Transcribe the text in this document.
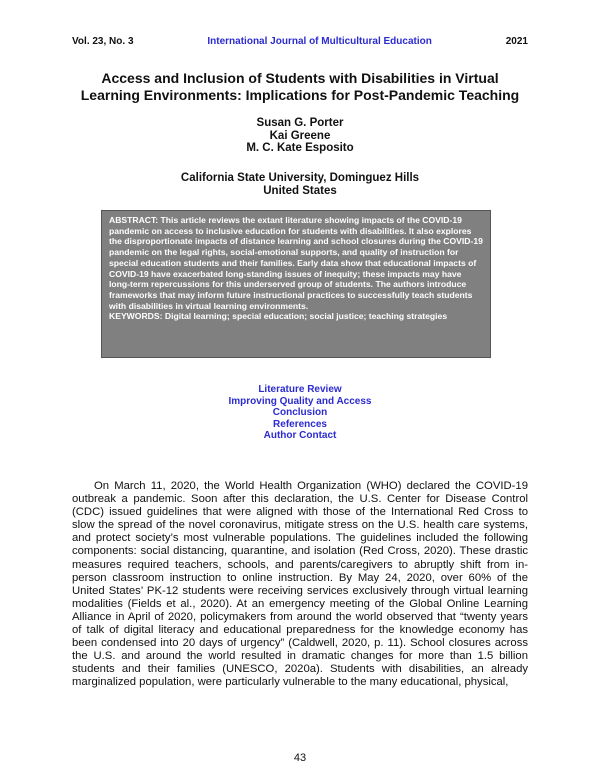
Vol. 23, No. 3	International Journal of Multicultural Education	2021
Access and Inclusion of Students with Disabilities in Virtual
Learning Environments: Implications for Post-Pandemic Teaching
Susan G. Porter
Kai Greene
M. C. Kate Esposito
California State University, Dominguez Hills
United States

ABSTRACT: This article reviews the extant literature showing impacts of the COVID-19 pandemic on access to inclusive education for students with disabilities. It also explores the disproportionate impacts of distance learning and school closures during the COVID-19 pandemic on the legal rights, social-emotional supports, and quality of instruction for special education students and their families. Early data show that educational impacts of COVID-19 have exacerbated long-standing issues of inequity; these impacts may have long-term repercussions for this underserved group of students. The authors introduce frameworks that may inform future instructional practices to successfully teach students with disabilities in virtual learning environments.

KEYWORDS: Digital learning; special education; social justice; teaching strategies

Literature Review
Improving Quality and Access
Conclusion
References
Author Contact

On March 11, 2020, the World Health Organization (WHO) declared the COVID-19 outbreak a pandemic. Soon after this declaration, the U.S. Center for Disease Control (CDC) issued guidelines that were aligned with those of the International Red Cross to slow the spread of the novel coronavirus, mitigate stress on the U.S. health care systems, and protect society’s most vulnerable populations. The guidelines included the following components: social distancing, quarantine, and isolation (Red Cross, 2020). These drastic measures required teachers, schools, and parents/caregivers to abruptly shift from in-person classroom instruction to online instruction. By May 24, 2020, over 60% of the United States’ PK-12 students were receiving services exclusively through virtual learning modalities (Fields et al., 2020). At an emergency meeting of the Global Online Learning Alliance in April of 2020, policymakers from around the world observed that “twenty years of talk of digital literacy and educational preparedness for the knowledge economy has been condensed into 20 days of urgency” (Caldwell, 2020, p. 11). School closures across the U.S. and around the world resulted in dramatic changes for more than 1.5 billion students and their families (UNESCO, 2020a). Students with disabilities, an already marginalized population, were particularly vulnerable to the many educational, physical,

43
